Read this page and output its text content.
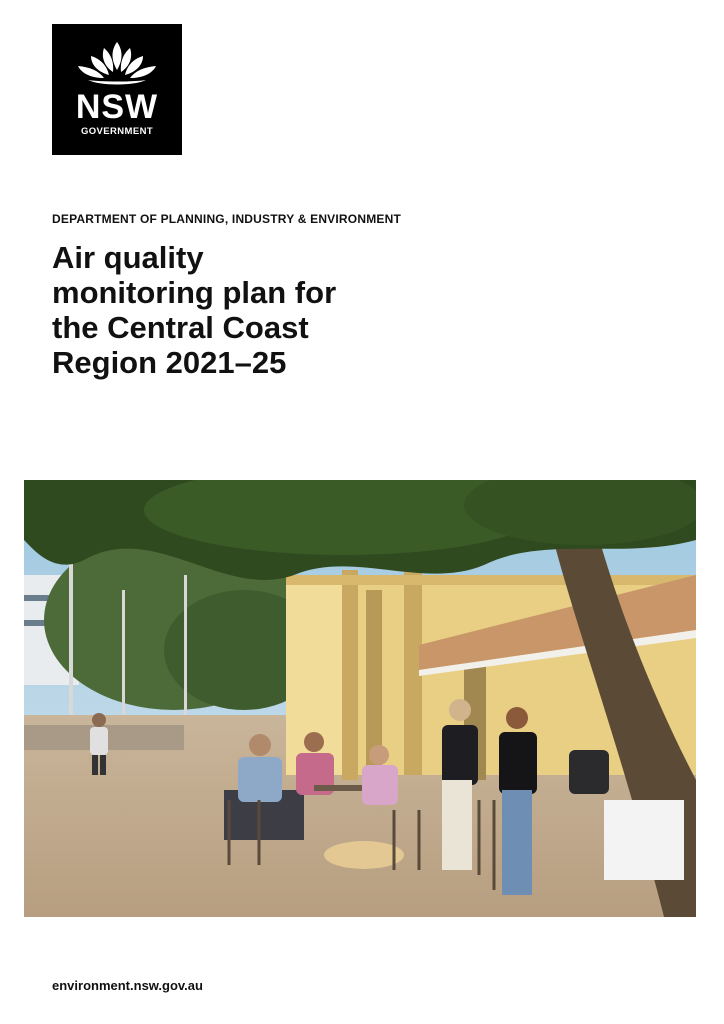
NSW
GOVERNMENT
DEPARTMENT OF PLANNING, INDUSTRY & ENVIRONMENT
Air quality
monitoring plan for
the Central Coast
Region 2021–25
environment.nsw.gov.au
